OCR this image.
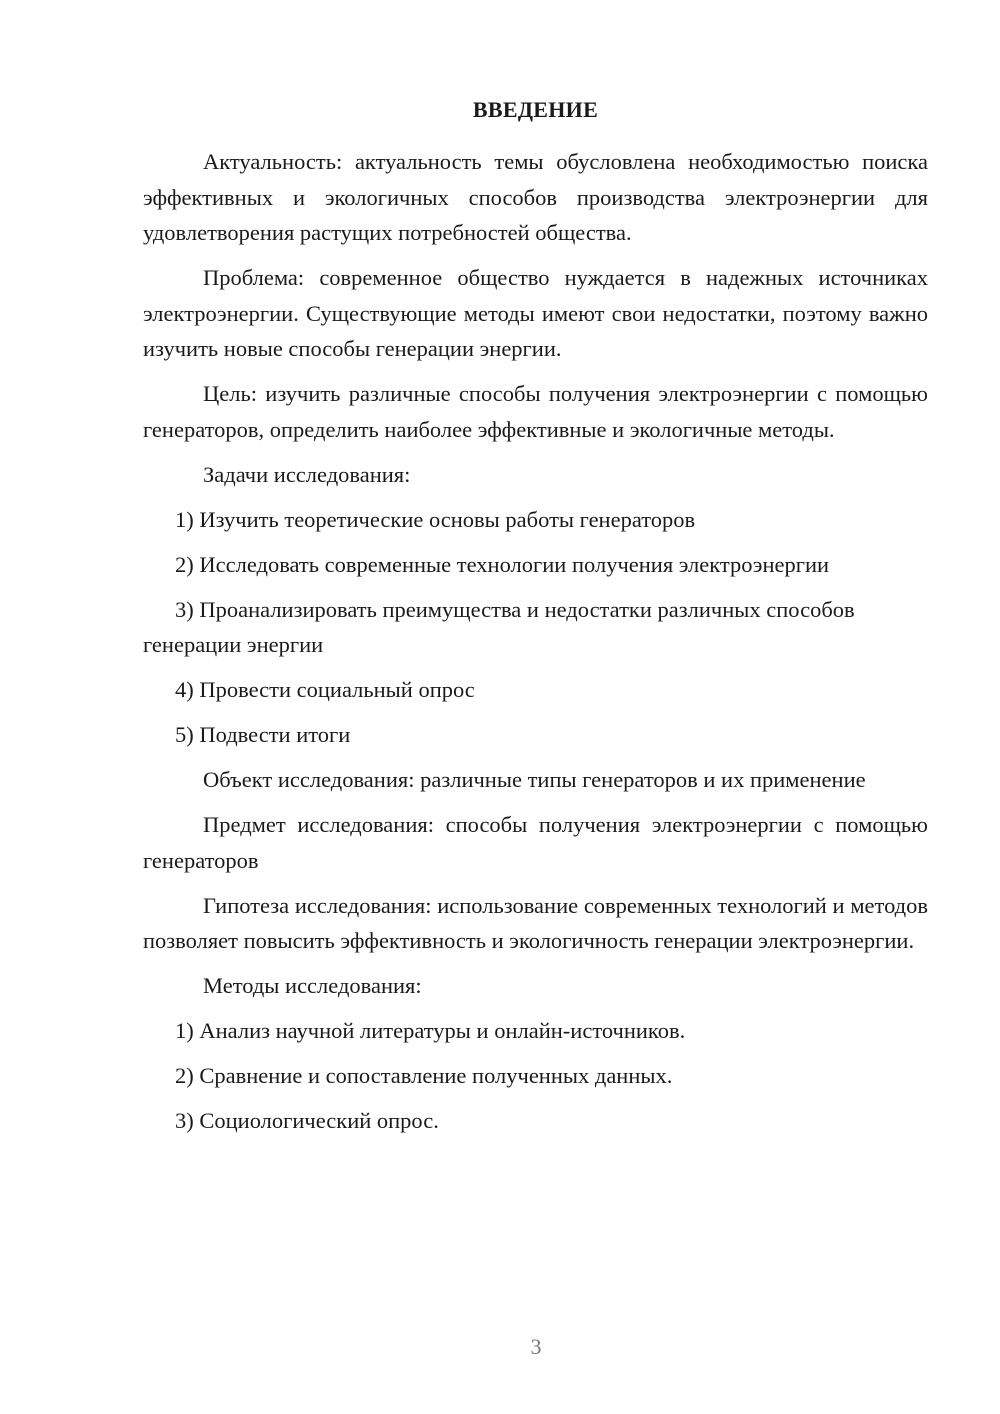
ВВЕДЕНИЕ

Актуальность: актуальность темы обусловлена необходимостью поиска эффективных и экологичных способов производства электроэнергии для удовлетворения растущих потребностей общества.

Проблема: современное общество нуждается в надежных источниках электроэнергии. Существующие методы имеют свои недостатки, поэтому важно изучить новые способы генерации энергии.

Цель: изучить различные способы получения электроэнергии с помощью генераторов, определить наиболее эффективные и экологичные методы.

Задачи исследования:

1) Изучить теоретические основы работы генераторов

2) Исследовать современные технологии получения электроэнергии

3) Проанализировать преимущества и недостатки различных способов генерации энергии

4) Провести социальный опрос

5) Подвести итоги

Объект исследования: различные типы генераторов и их применение

Предмет исследования: способы получения электроэнергии с помощью генераторов

Гипотеза исследования: использование современных технологий и методов позволяет повысить эффективность и экологичность генерации электроэнергии.

Методы исследования:

1) Анализ научной литературы и онлайн-источников.

2) Сравнение и сопоставление полученных данных.

3) Социологический опрос.

3
